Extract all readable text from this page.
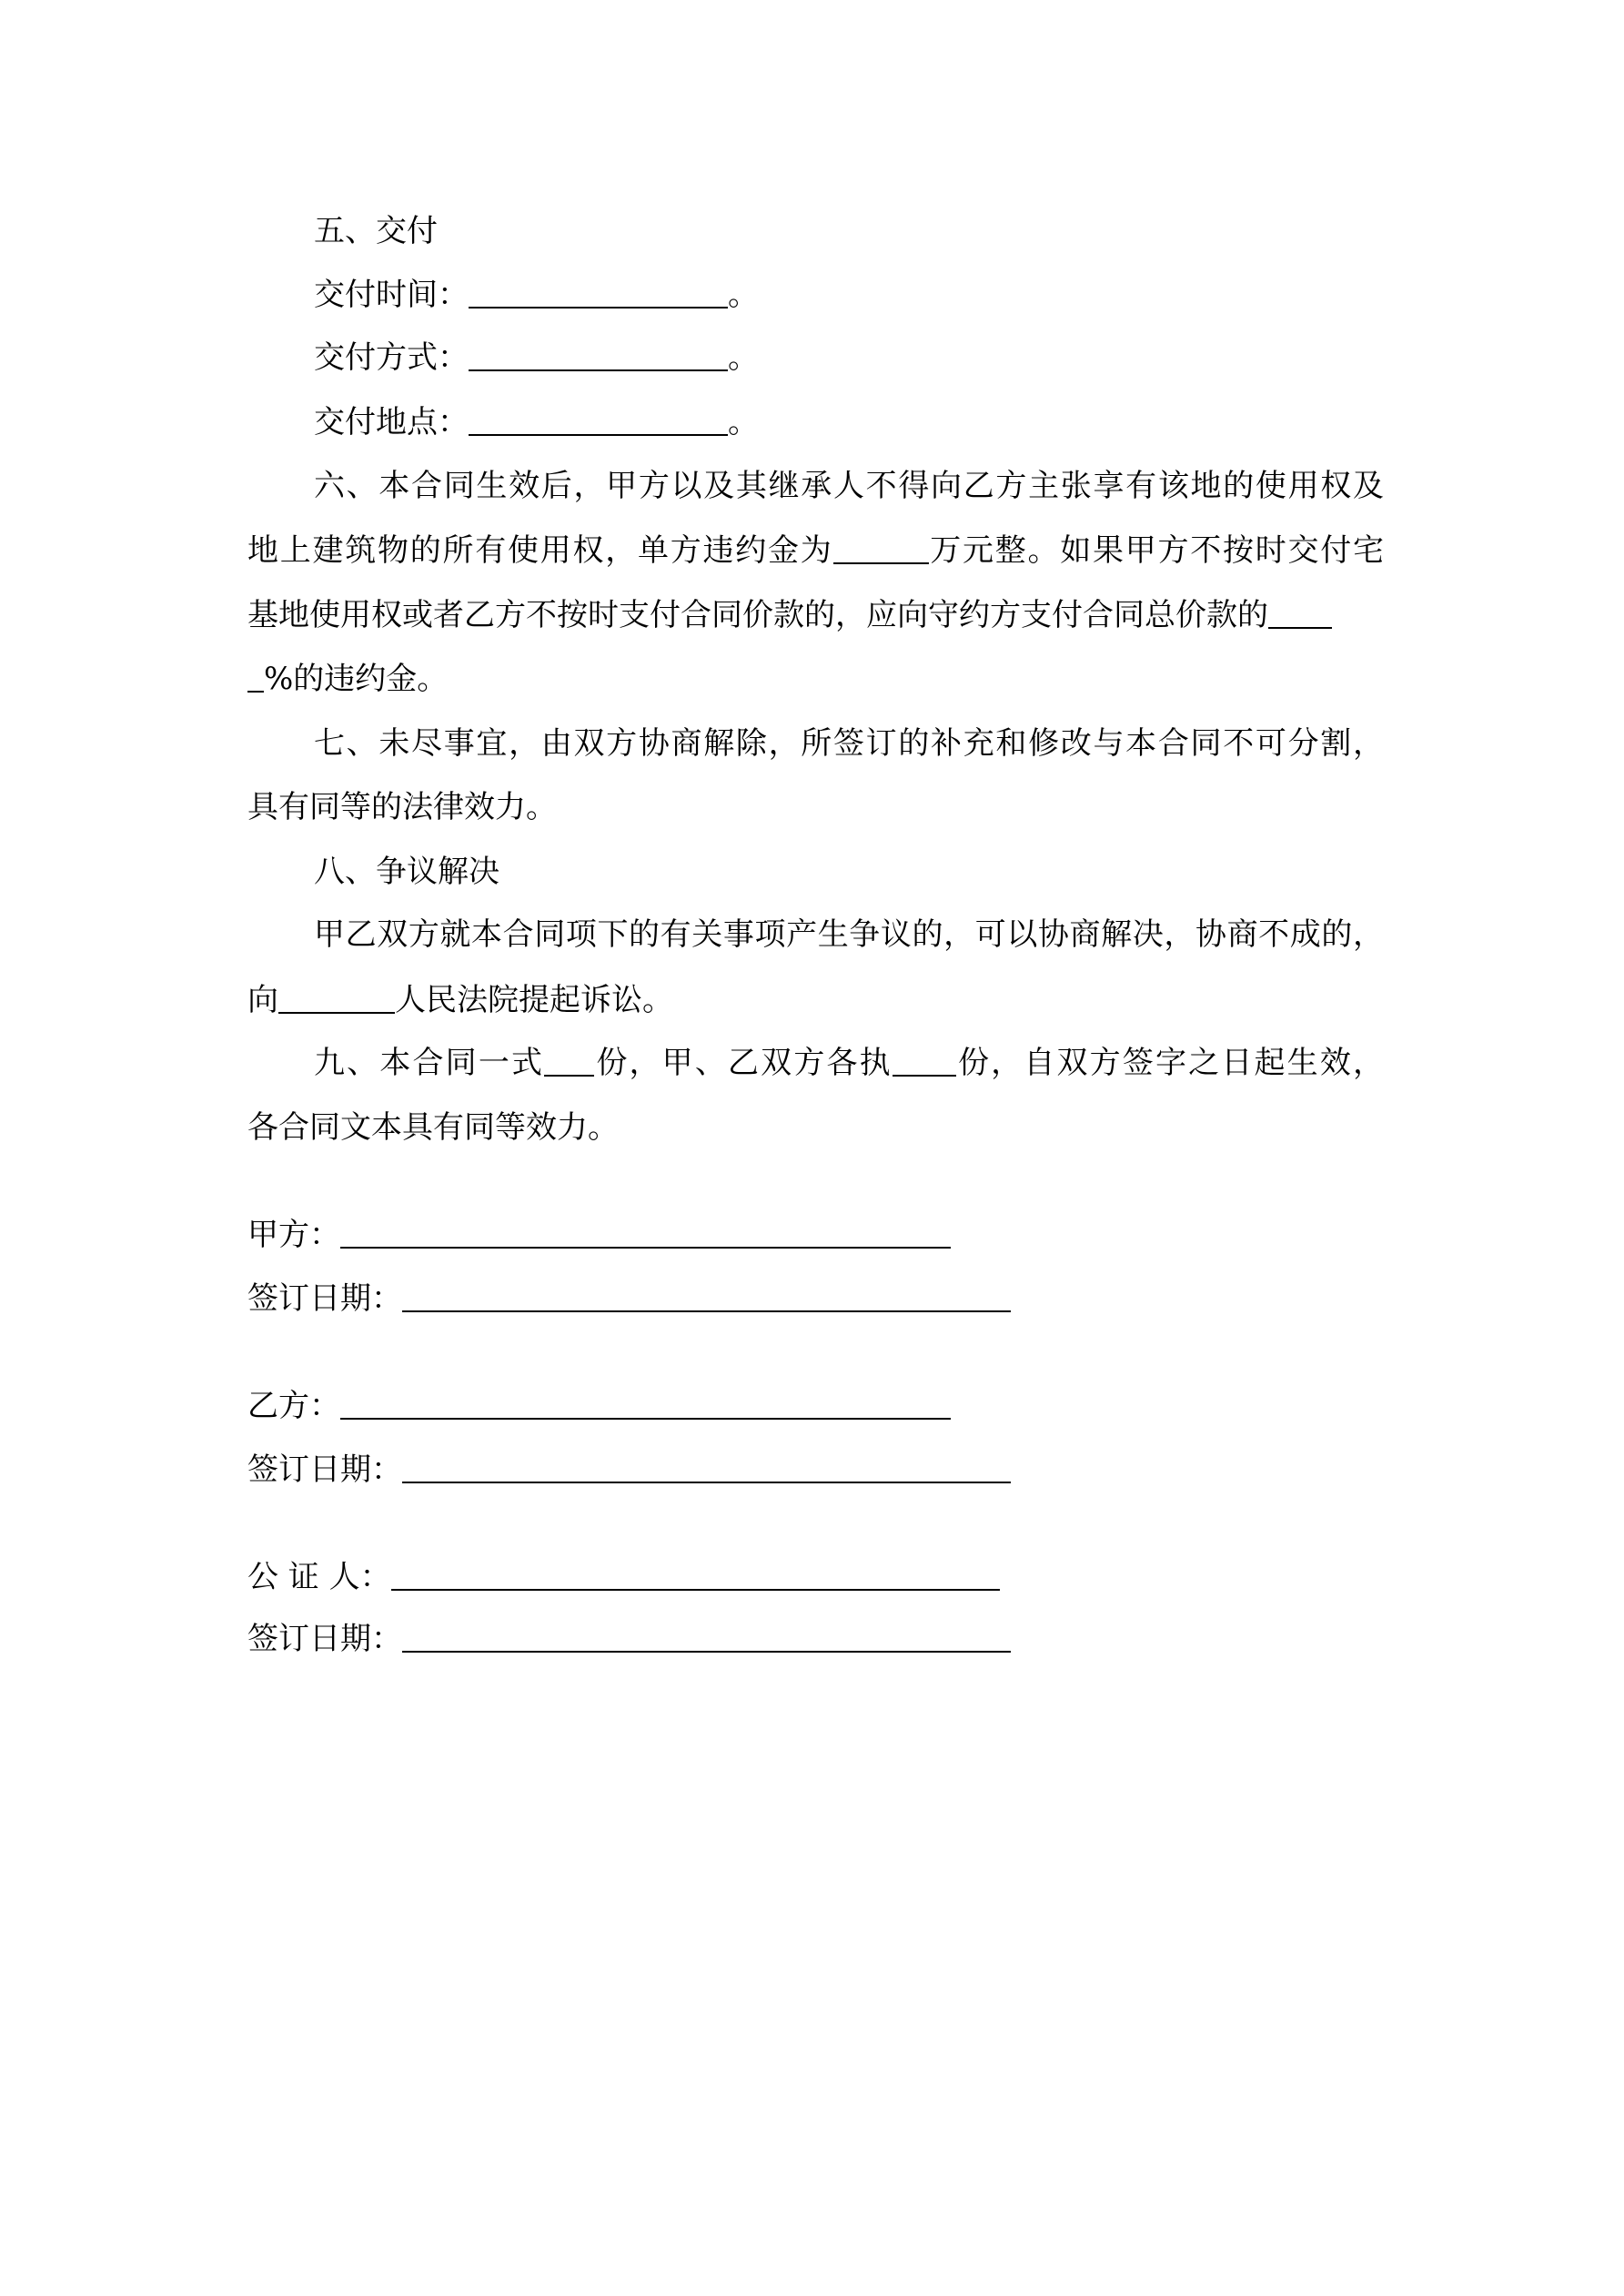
五、交付
交付时间：	。
交付方式：	。
交付地点：	。
六、本合同生效后，甲方以及其继承人不得向乙方主张享有该地的使用权及
地上建筑物的所有使用权，单方违约金为	万元整。如果甲方不按时交付宅
基地使用权或者乙方不按时支付合同价款的，应向守约方支付合同总价款的
%的违约金。
七、未尽事宜，由双方协商解除，所签订的补充和修改与本合同不可分割，
具有同等的法律效力。
八、争议解决
甲乙双方就本合同项下的有关事项产生争议的，可以协商解决，协商不成的，
向	人民法院提起诉讼。
九、本合同一式 份，甲、乙双方各执 份，自双方签字之日起生效，
各合同文本具有同等效力。
甲方：
签订日期：
乙方：
签订日期：
公 证 人：
签订日期：
